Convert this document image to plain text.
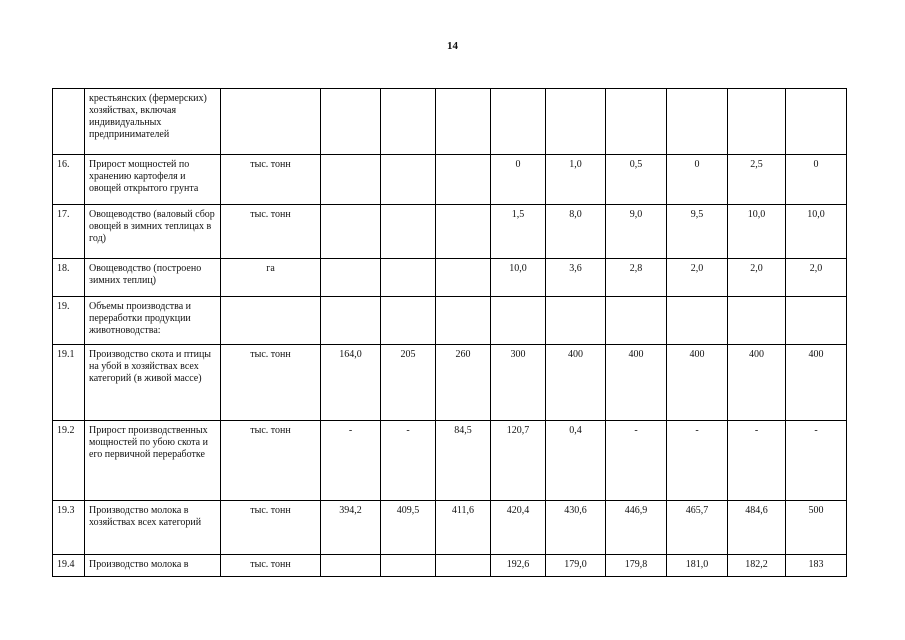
14
	крестьянских (фермерских) хозяйствах, включая индивидуальных предпринимателей										
16.	Прирост мощностей по хранению картофеля и овощей открытого грунта	тыс. тонн				0	1,0	0,5	0	2,5	0
17.	Овощеводство (валовый сбор овощей в зимних теплицах в год)	тыс. тонн				1,5	8,0	9,0	9,5	10,0	10,0
18.	Овощеводство (построено зимних теплиц)	га				10,0	3,6	2,8	2,0	2,0	2,0
19.	Объемы производства и переработки продукции животноводства:										
19.1	Производство скота и птицы на убой в хозяйствах всех категорий (в живой массе)	тыс. тонн	164,0	205	260	300	400	400	400	400	400
19.2	Прирост производственных мощностей по убою скота и его первичной переработке	тыс. тонн	-	-	84,5	120,7	0,4	-	-	-	-
19.3	Производство молока в хозяйствах всех категорий	тыс. тонн	394,2	409,5	411,6	420,4	430,6	446,9	465,7	484,6	500
19.4	Производство молока в	тыс. тонн				192,6	179,0	179,8	181,0	182,2	183
